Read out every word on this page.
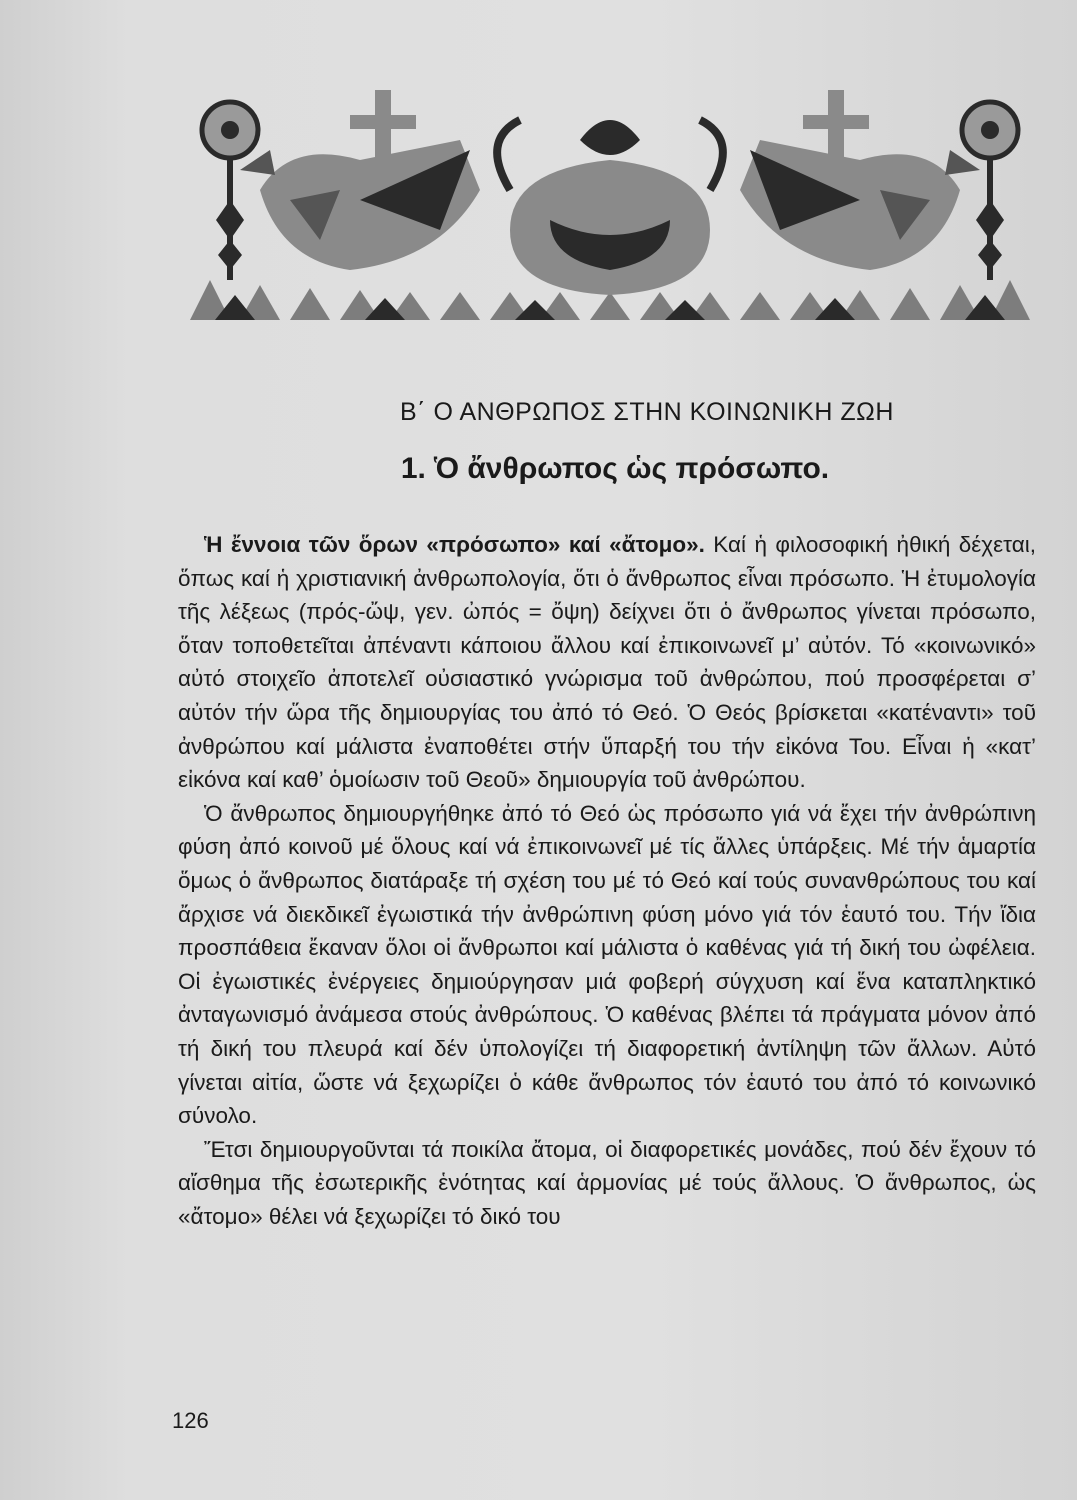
Β΄ Ο ΑΝΘΡΩΠΟΣ ΣΤΗΝ ΚΟΙΝΩΝΙΚΗ ΖΩΗ
1. Ὁ ἄνθρωπος ὡς πρόσωπο.

Ἡ ἔννοια τῶν ὅρων «πρόσωπο» καί «ἄτομο». Καί ἡ φιλοσοφική ἠθική δέχεται, ὅπως καί ἡ χριστιανική ἀνθρωπολογία, ὅτι ὁ ἄνθρωπος εἶναι πρόσωπο. Ἡ ἐτυμολογία τῆς λέξεως (πρός-ὤψ, γεν. ὠπός = ὄψη) δείχνει ὅτι ὁ ἄνθρωπος γίνεται πρόσωπο, ὅταν τοποθετεῖται ἀπέναντι κάποιου ἄλλου καί ἐπικοινωνεῖ μ’ αὐτόν. Τό «κοινωνικό» αὐτό στοιχεῖο ἀποτελεῖ οὐσιαστικό γνώρισμα τοῦ ἀνθρώπου, πού προσφέρεται σ’ αὐτόν τήν ὥρα τῆς δημιουργίας του ἀπό τό Θεό. Ὁ Θεός βρίσκεται «κατέναντι» τοῦ ἀνθρώπου καί μάλιστα ἐναποθέτει στήν ὕπαρξή του τήν εἰκόνα Του. Εἶναι ἡ «κατ’ εἰκόνα καί καθ’ ὁμοίωσιν τοῦ Θεοῦ» δημιουργία τοῦ ἀνθρώπου.

Ὁ ἄνθρωπος δημιουργήθηκε ἀπό τό Θεό ὡς πρόσωπο γιά νά ἔχει τήν ἀνθρώπινη φύση ἀπό κοινοῦ μέ ὅλους καί νά ἐπικοινωνεῖ μέ τίς ἄλλες ὑπάρξεις. Μέ τήν ἁμαρτία ὅμως ὁ ἄνθρωπος διατάραξε τή σχέση του μέ τό Θεό καί τούς συνανθρώπους του καί ἄρχισε νά διεκδικεῖ ἐγωιστικά τήν ἀνθρώπινη φύση μόνο γιά τόν ἑαυτό του. Τήν ἴδια προσπάθεια ἔκαναν ὅλοι οἱ ἄνθρωποι καί μάλιστα ὁ καθένας γιά τή δική του ὠφέλεια. Οἱ ἐγωιστικές ἐνέργειες δημιούργησαν μιά φοβερή σύγχυση καί ἕνα καταπληκτικό ἀνταγωνισμό ἀνάμεσα στούς ἀνθρώπους. Ὁ καθένας βλέπει τά πράγματα μόνον ἀπό τή δική του πλευρά καί δέν ὑπολογίζει τή διαφορετική ἀντίληψη τῶν ἄλλων. Αὐτό γίνεται αἰτία, ὥστε νά ξεχωρίζει ὁ κάθε ἄνθρωπος τόν ἑαυτό του ἀπό τό κοινωνικό σύνολο.

Ἔτσι δημιουργοῦνται τά ποικίλα ἄτομα, οἱ διαφορετικές μονάδες, πού δέν ἔχουν τό αἴσθημα τῆς ἐσωτερικῆς ἑνότητας καί ἁρμονίας μέ τούς ἄλλους. Ὁ ἄνθρωπος, ὡς «ἄτομο» θέλει νά ξεχωρίζει τό δικό του

126
